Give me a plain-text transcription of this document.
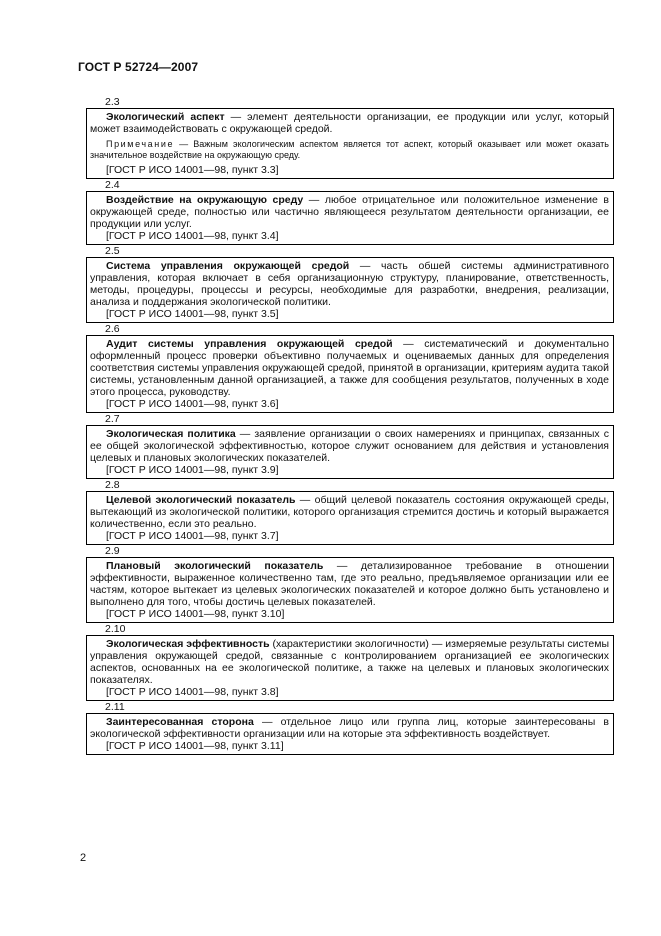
ГОСТ Р 52724—2007
2.3

Экологический аспект — элемент деятельности организации, ее продукции или услуг, который может взаимодействовать с окружающей средой.

Примечание — Важным экологическим аспектом является тот аспект, который оказывает или может оказать значительное воздействие на окружающую среду.

[ГОСТ Р ИСО 14001—98, пункт 3.3]

2.4

Воздействие на окружающую среду — любое отрицательное или положительное изменение в окружающей среде, полностью или частично являющееся результатом деятельности организации, ее продукции или услуг.

[ГОСТ Р ИСО 14001—98, пункт 3.4]

2.5

Система управления окружающей средой — часть обшей системы административного управления, которая включает в себя организационную структуру, планирование, ответственность, методы, процедуры, процессы и ресурсы, необходимые для разработки, внедрения, реализации, анализа и поддержания экологической политики.

[ГОСТ Р ИСО 14001—98, пункт 3.5]

2.6

Аудит системы управления окружающей средой — систематический и документально оформленный процесс проверки объективно получаемых и оцениваемых данных для определения соответствия системы управления окружающей средой, принятой в организации, критериям аудита такой системы, установленным данной организацией, а также для сообщения результатов, полученных в ходе этого процесса, руководству.

[ГОСТ Р ИСО 14001—98, пункт 3.6]

2.7

Экологическая политика — заявление организации о своих намерениях и принципах, связанных с ее общей экологической эффективностью, которое служит основанием для действия и установления целевых и плановых экологических показателей.

[ГОСТ Р ИСО 14001—98, пункт 3.9]

2.8

Целевой экологический показатель — общий целевой показатель состояния окружающей среды, вытекающий из экологической политики, которого организация стремится достичь и который выражается количественно, если это реально.

[ГОСТ Р ИСО 14001—98, пункт 3.7]

2.9

Плановый экологический показатель — детализированное требование в отношении эффективности, выраженное количественно там, где это реально, предъявляемое организации или ее частям, которое вытекает из целевых экологических показателей и которое должно быть установлено и выполнено для того, чтобы достичь целевых показателей.

[ГОСТ Р ИСО 14001—98, пункт 3.10]

2.10

Экологическая эффективность (характеристики экологичности) — измеряемые результаты системы управления окружающей средой, связанные с контролированием организацией ее экологических аспектов, основанных на ее экологической политике, а также на целевых и плановых экологических показателях.

[ГОСТ Р ИСО 14001—98, пункт 3.8]

2.11

Заинтересованная сторона — отдельное лицо или группа лиц, которые заинтересованы в экологической эффективности организации или на которые эта эффективность воздействует.

[ГОСТ Р ИСО 14001—98, пункт 3.11]

2
